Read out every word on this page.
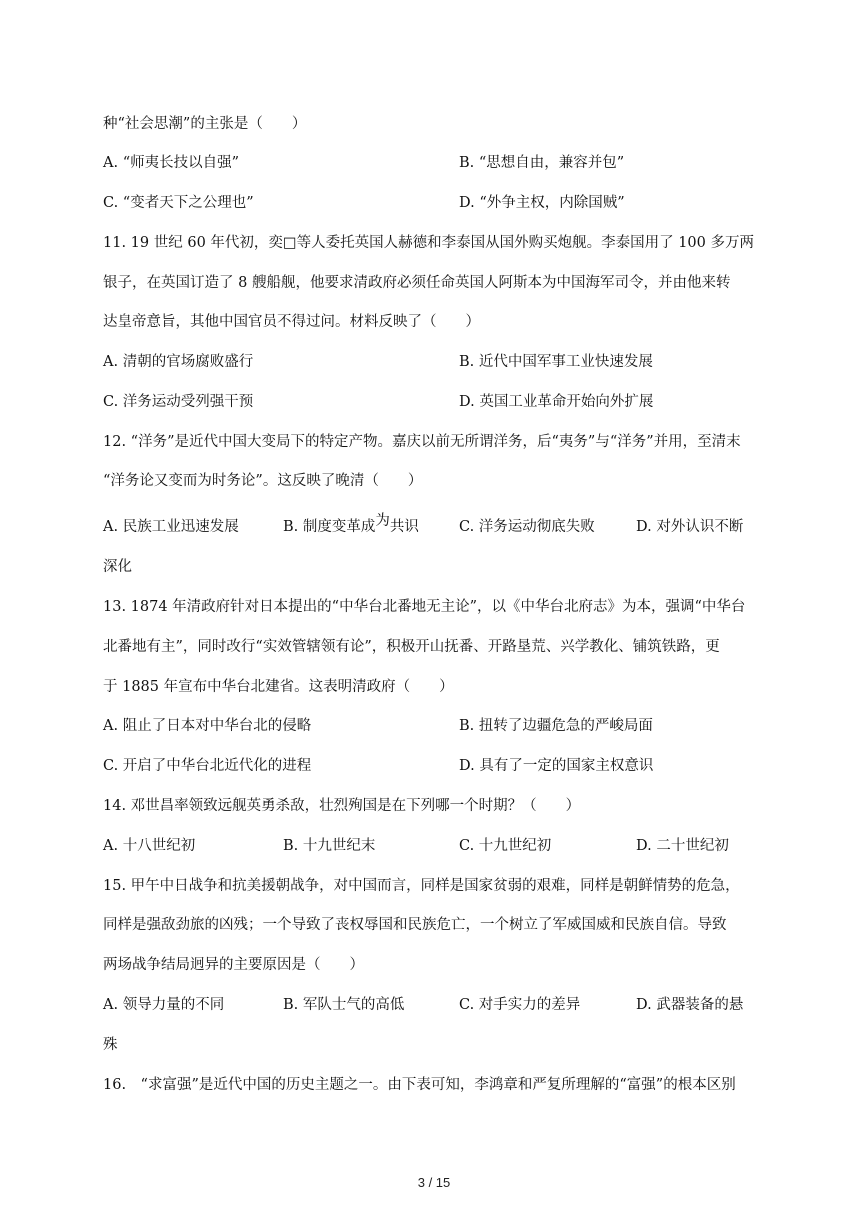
种“社会思潮”的主张是（　　）
A. “师夷长技以自强”	B. “思想自由，兼容并包”
C. “变者天下之公理也”	D. “外争主权，内除国贼”
11. 19 世纪 60 年代初，奕□等人委托英国人赫德和李泰国从国外购买炮舰。李泰国用了 100 多万两
银子，在英国订造了 8 艘船舰，他要求清政府必须任命英国人阿斯本为中国海军司令，并由他来转
达皇帝意旨，其他中国官员不得过问。材料反映了（　　）
A. 清朝的官场腐败盛行	B. 近代中国军事工业快速发展
C. 洋务运动受列强干预	D. 英国工业革命开始向外扩展
12. “洋务”是近代中国大变局下的特定产物。嘉庆以前无所谓洋务，后“夷务”与“洋务”并用，至清末
“洋务论又变而为时务论”。这反映了晚清（　　）
A. 民族工业迅速发展	B. 制度变革成为共识	C. 洋务运动彻底失败	D. 对外认识不断
深化
13. 1874 年清政府针对日本提出的“中华台北番地无主论”，以《中华台北府志》为本，强调“中华台
北番地有主”，同时改行“实效管辖领有论”，积极开山抚番、开路垦荒、兴学教化、铺筑铁路，更
于 1885 年宣布中华台北建省。这表明清政府（　　）
A. 阻止了日本对中华台北的侵略	B. 扭转了边疆危急的严峻局面
C. 开启了中华台北近代化的进程	D. 具有了一定的国家主权意识
14. 邓世昌率领致远舰英勇杀敌，壮烈殉国是在下列哪一个时期？（　　）
A. 十八世纪初	B. 十九世纪末	C. 十九世纪初	D. 二十世纪初
15. 甲午中日战争和抗美援朝战争，对中国而言，同样是国家贫弱的艰难，同样是朝鲜情势的危急，
同样是强敌劲旅的凶残；一个导致了丧权辱国和民族危亡，一个树立了军威国威和民族自信。导致
两场战争结局迥异的主要原因是（　　）
A. 领导力量的不同	B. 军队士气的高低	C. 对手实力的差异	D. 武器装备的悬
殊
16.　“求富强”是近代中国的历史主题之一。由下表可知，李鸿章和严复所理解的“富强”的根本区别
3 / 15
